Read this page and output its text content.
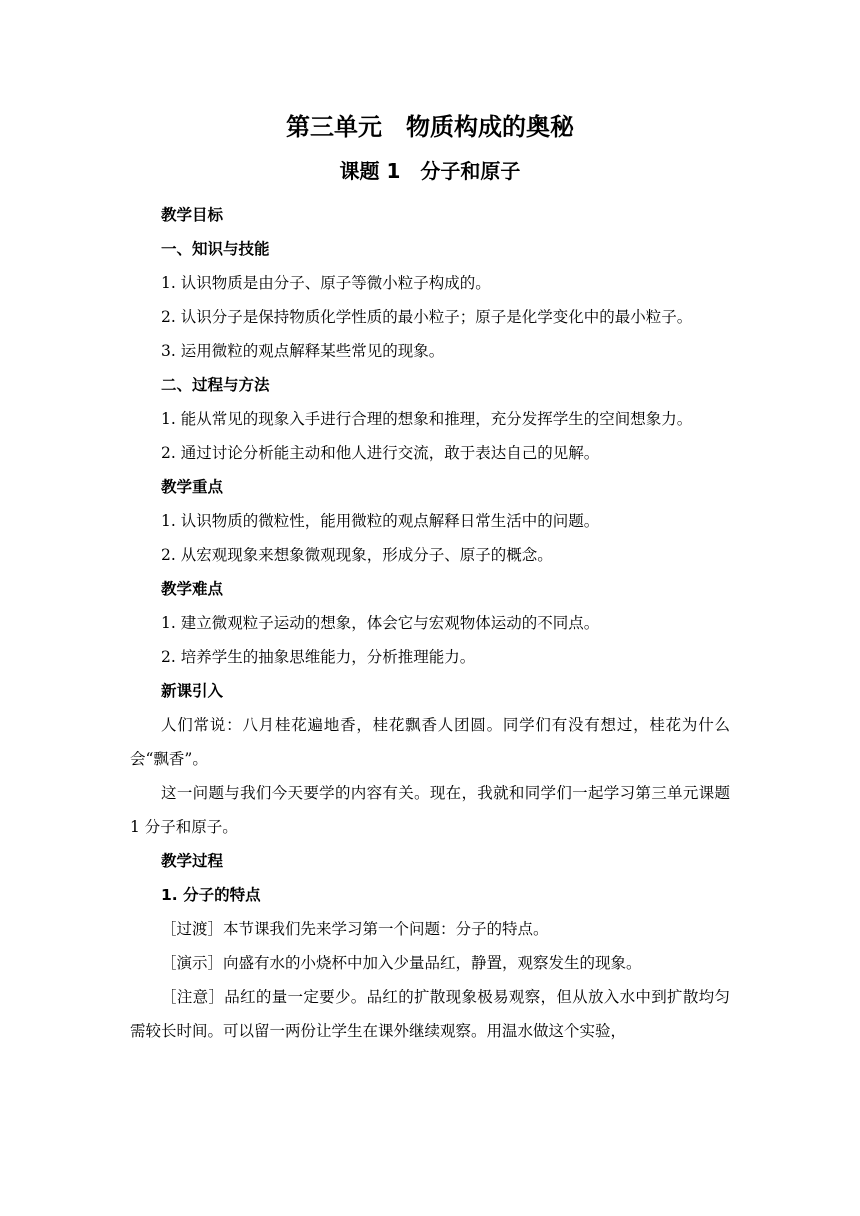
第三单元　物质构成的奥秘
课题 1　分子和原子

教学目标

一、知识与技能

1. 认识物质是由分子、原子等微小粒子构成的。

2. 认识分子是保持物质化学性质的最小粒子；原子是化学变化中的最小粒子。

3. 运用微粒的观点解释某些常见的现象。

二、过程与方法

1. 能从常见的现象入手进行合理的想象和推理，充分发挥学生的空间想象力。

2. 通过讨论分析能主动和他人进行交流，敢于表达自己的见解。

教学重点

1. 认识物质的微粒性，能用微粒的观点解释日常生活中的问题。

2. 从宏观现象来想象微观现象，形成分子、原子的概念。

教学难点

1. 建立微观粒子运动的想象，体会它与宏观物体运动的不同点。

2. 培养学生的抽象思维能力，分析推理能力。

新课引入

人们常说：八月桂花遍地香，桂花飘香人团圆。同学们有没有想过，桂花为什么会“飘香”。

这一问题与我们今天要学的内容有关。现在，我就和同学们一起学习第三单元课题 1 分子和原子。

教学过程

1. 分子的特点

［过渡］本节课我们先来学习第一个问题：分子的特点。

［演示］向盛有水的小烧杯中加入少量品红，静置，观察发生的现象。

［注意］品红的量一定要少。品红的扩散现象极易观察，但从放入水中到扩散均匀需较长时间。可以留一两份让学生在课外继续观察。用温水做这个实验，
